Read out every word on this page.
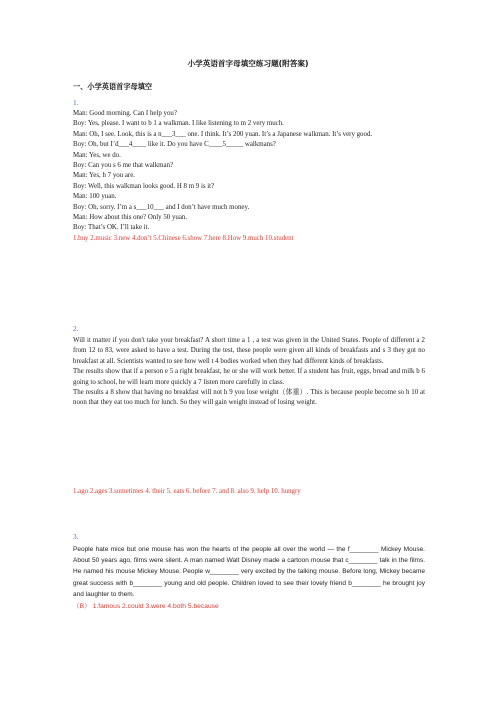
小学英语首字母填空练习题(附答案)
一、小学英语首字母填空
1.

Man: Good morning. Can I help you?

Boy: Yes, please. I want to b 1 a walkman. I like listening to m 2 very much.

Man: Oh, I see. Look, this is a n___3___ one. I think. It’s 200 yuan. It’s a Japanese walkman. It’s very good.

Boy: Oh, but I’d___4____ like it. Do you have C____5_____ walkmans?

Man: Yes, we do.

Boy: Can you s 6 me that walkman?

Man: Yes, h 7 you are.

Boy: Well, this walkman looks good. H 8 m 9 is it?

Man: 100 yuan.

Boy: Oh, sorry. I’m a s___10___ and I don’t have much money.

Man: How about this one? Only 50 yuan.

Boy: That’s OK. I’ll take it.

1.buy 2.music 3.new 4.don’t 5.Chinese 6.show 7.here 8.How 9.much 10.student

2.

Will it matter if you don't take your breakfast? A short time a 1 , a test was given in the United States. People of different a 2 from 12 to 83, were asked to have a test. During the test, these people were given all kinds of breakfasts and s 3 they got no breakfast at all. Scientists wanted to see how well t 4 bodies worked when they had different kinds of breakfasts.

The results show that if a person e 5 a right breakfast, he or she will work better. If a student has fruit, eggs, bread and milk b 6 going to school, he will learn more quickly a 7 listen more carefully in class.

The results a 8 show that having no breakfast will not h 9 you lose weight（体重）. This is because people become so h 10 at noon that they eat too much for lunch. So they will gain weight instead of losing weight.

1.ago 2.ages 3.sometimes 4. their 5. eats 6. before 7. and 8. also 9. help 10. hungry
3.
People hate mice but one mouse has won the hearts of the people all over the world — the f________ Mickey Mouse. About 50 years ago, films were silent. A man named Walt Disney made a cartoon mouse that c________ talk in the films. He named his mouse Mickey Mouse. People w________ very excited by the talking mouse. Before long, Mickey became great success with b________ young and old people. Children loved to see their lovely friend b________ he brought joy and laughter to them.
（B） 1.famous 2.could 3.were 4.both 5.because
